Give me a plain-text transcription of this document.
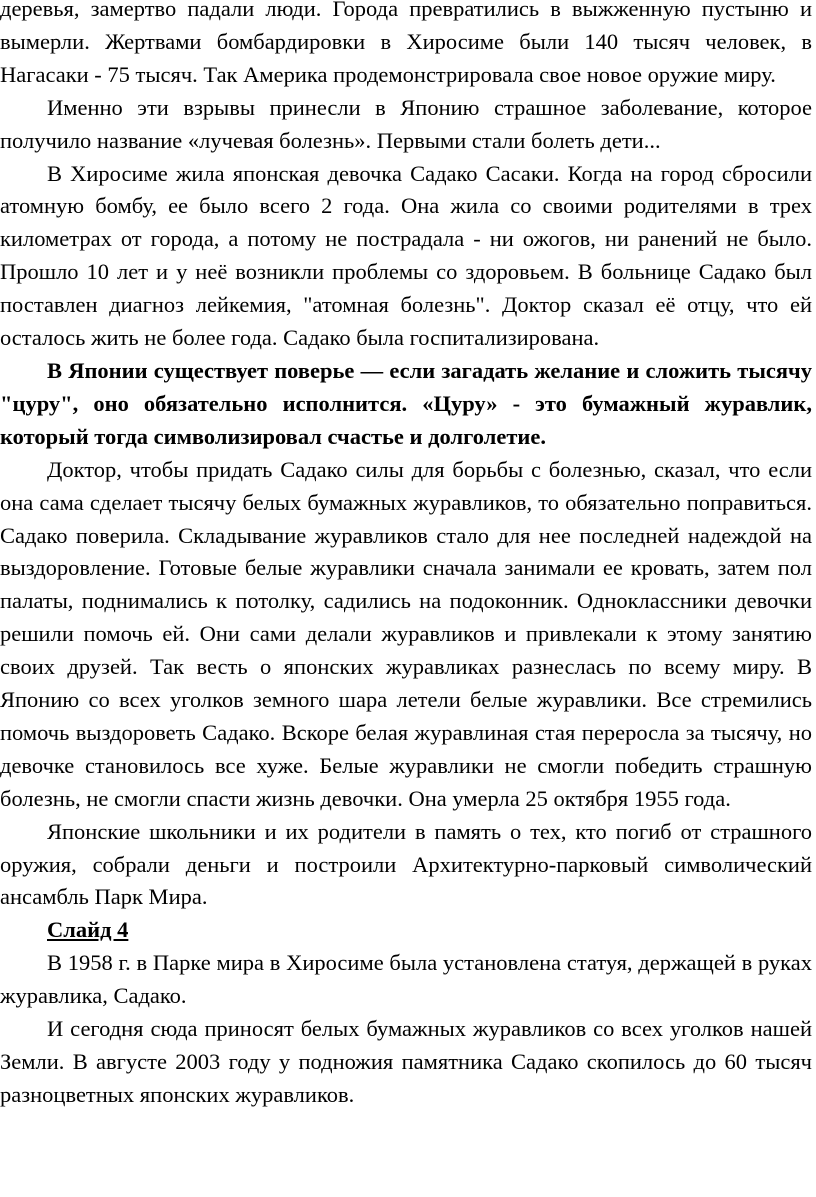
деревья, замертво падали люди. Города превратились в выжженную пустыню и вымерли. Жертвами бомбардировки в Хиросиме были 140 тысяч человек, в Нагасаки - 75 тысяч. Так Америка продемонстрировала свое новое оружие миру.

Именно эти взрывы принесли в Японию страшное заболевание, которое получило название «лучевая болезнь». Первыми стали болеть дети...

В Хиросиме жила японская девочка Садако Сасаки. Когда на город сбросили атомную бомбу, ее было всего 2 года. Она жила со своими родителями в трех километрах от города, а потому не пострадала - ни ожогов, ни ранений не было. Прошло 10 лет и у неё возникли проблемы со здоровьем. В больнице Садако был поставлен диагноз лейкемия, "атомная болезнь". Доктор сказал её отцу, что ей осталось жить не более года. Садако была госпитализирована.

В Японии существует поверье — если загадать желание и сложить тысячу "цуру", оно обязательно исполнится. «Цуру» - это бумажный журавлик, который тогда символизировал счастье и долголетие.

Доктор, чтобы придать Садако силы для борьбы с болезнью, сказал, что если она сама сделает тысячу белых бумажных журавликов, то обязательно поправиться. Садако поверила. Складывание журавликов стало для нее последней надеждой на выздоровление. Готовые белые журавлики сначала занимали ее кровать, затем пол палаты, поднимались к потолку, садились на подоконник. Одноклассники девочки решили помочь ей. Они сами делали журавликов и привлекали к этому занятию своих друзей. Так весть о японских журавликах разнеслась по всему миру. В Японию со всех уголков земного шара летели белые журавлики. Все стремились помочь выздороветь Садако. Вскоре белая журавлиная стая переросла за тысячу, но девочке становилось все хуже. Белые журавлики не смогли победить страшную болезнь, не смогли спасти жизнь девочки. Она умерла 25 октября 1955 года.

Японские школьники и их родители в память о тех, кто погиб от страшного оружия, собрали деньги и построили Архитектурно-парковый символический ансамбль Парк Мира.

Слайд 4

В 1958 г. в Парке мира в Хиросиме была установлена статуя, держащей в руках журавлика, Садако.

И сегодня сюда приносят белых бумажных журавликов со всех уголков нашей Земли. В августе 2003 году у подножия памятника Садако скопилось до 60 тысяч разноцветных японских журавликов.
